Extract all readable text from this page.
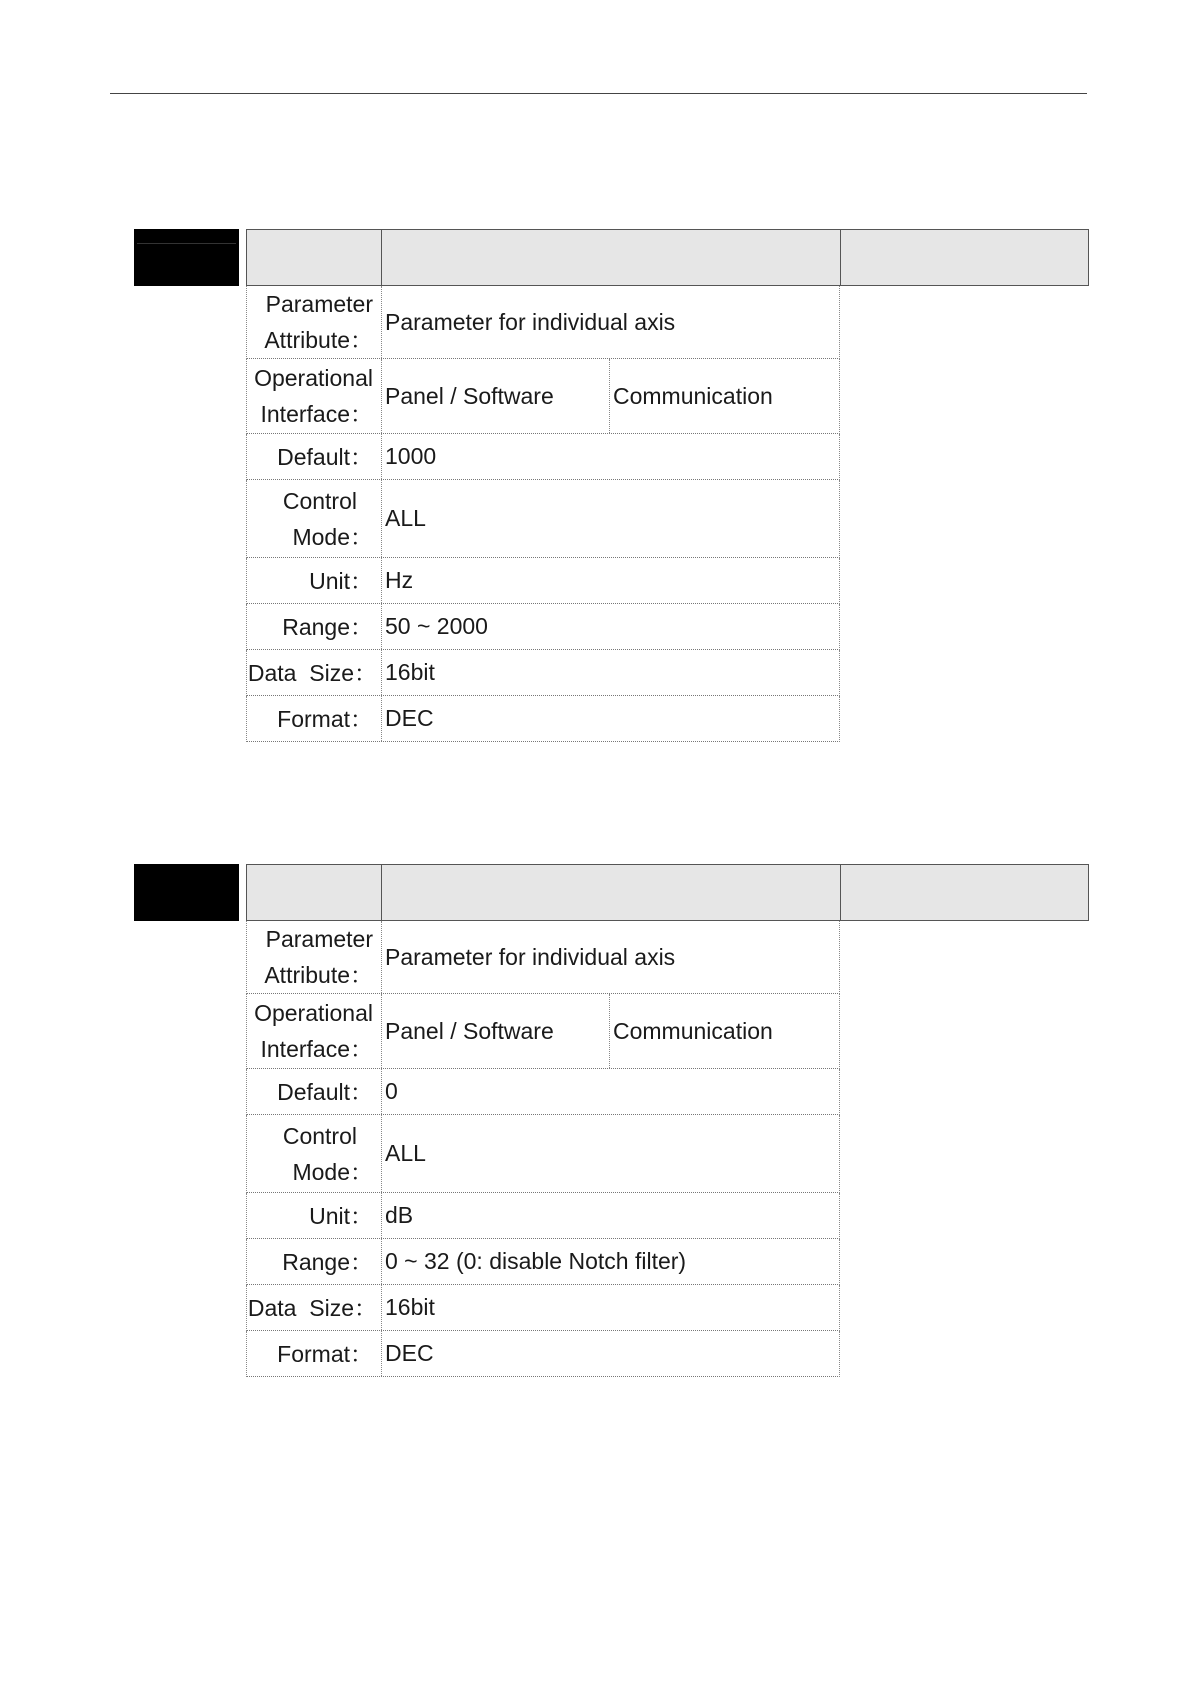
Parameter
Attribute：
Parameter for individual axis
Operational
Interface：
Panel / Software	Communication
Default： 1000
Control
Mode：
ALL
Unit： Hz
Range： 50 ~ 2000
Data  Size： 16bit
Format： DEC
Parameter
Attribute：
Parameter for individual axis
Operational
Interface：
Panel / Software	Communication
Default： 0
Control
Mode：
ALL
Unit： dB
Range： 0 ~ 32 (0: disable Notch filter)
Data  Size： 16bit
Format： DEC
